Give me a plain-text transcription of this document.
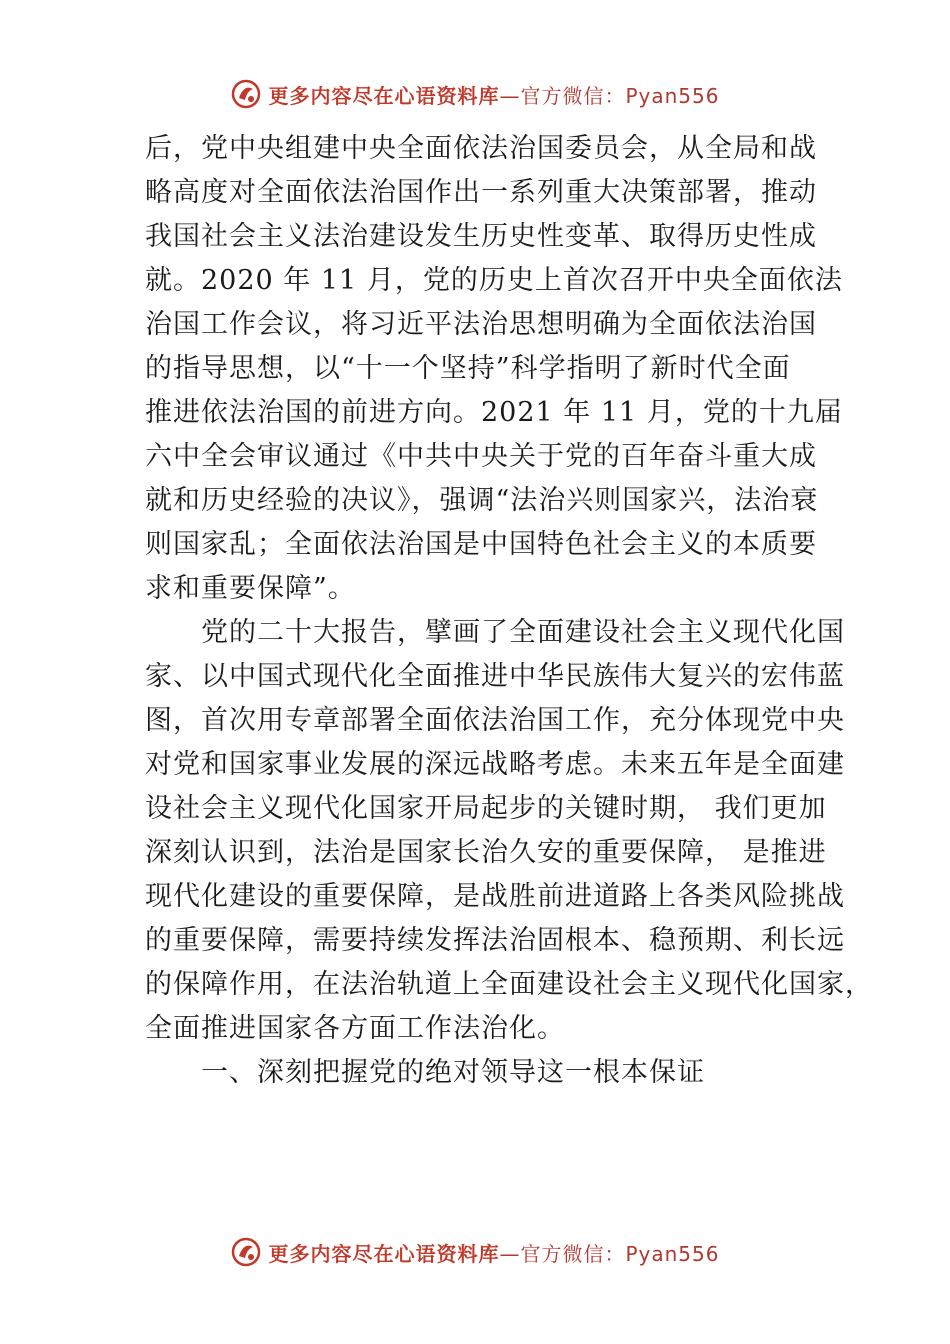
更多内容尽在心语资料库—官方微信：Pyan556
后，党中央组建中央全面依法治国委员会，从全局和战
略高度对全面依法治国作出一系列重大决策部署，推动
我国社会主义法治建设发生历史性变革、取得历史性成
就。2020 年 11 月，党的历史上首次召开中央全面依法
治国工作会议，将习近平法治思想明确为全面依法治国
的指导思想，以“十一个坚持”科学指明了新时代全面
推进依法治国的前进方向。2021 年 11 月，党的十九届
六中全会审议通过《中共中央关于党的百年奋斗重大成
就和历史经验的决议》，强调“法治兴则国家兴，法治衰
则国家乱；全面依法治国是中国特色社会主义的本质要
求和重要保障”。
党的二十大报告，擘画了全面建设社会主义现代化国
家、以中国式现代化全面推进中华民族伟大复兴的宏伟蓝
图，首次用专章部署全面依法治国工作，充分体现党中央
对党和国家事业发展的深远战略考虑。未来五年是全面建
设社会主义现代化国家开局起步的关键时期， 我们更加
深刻认识到，法治是国家长治久安的重要保障， 是推进
现代化建设的重要保障，是战胜前进道路上各类风险挑战
的重要保障，需要持续发挥法治固根本、稳预期、利长远
的保障作用，在法治轨道上全面建设社会主义现代化国家，
全面推进国家各方面工作法治化。
一、深刻把握党的绝对领导这一根本保证
更多内容尽在心语资料库—官方微信：Pyan556
